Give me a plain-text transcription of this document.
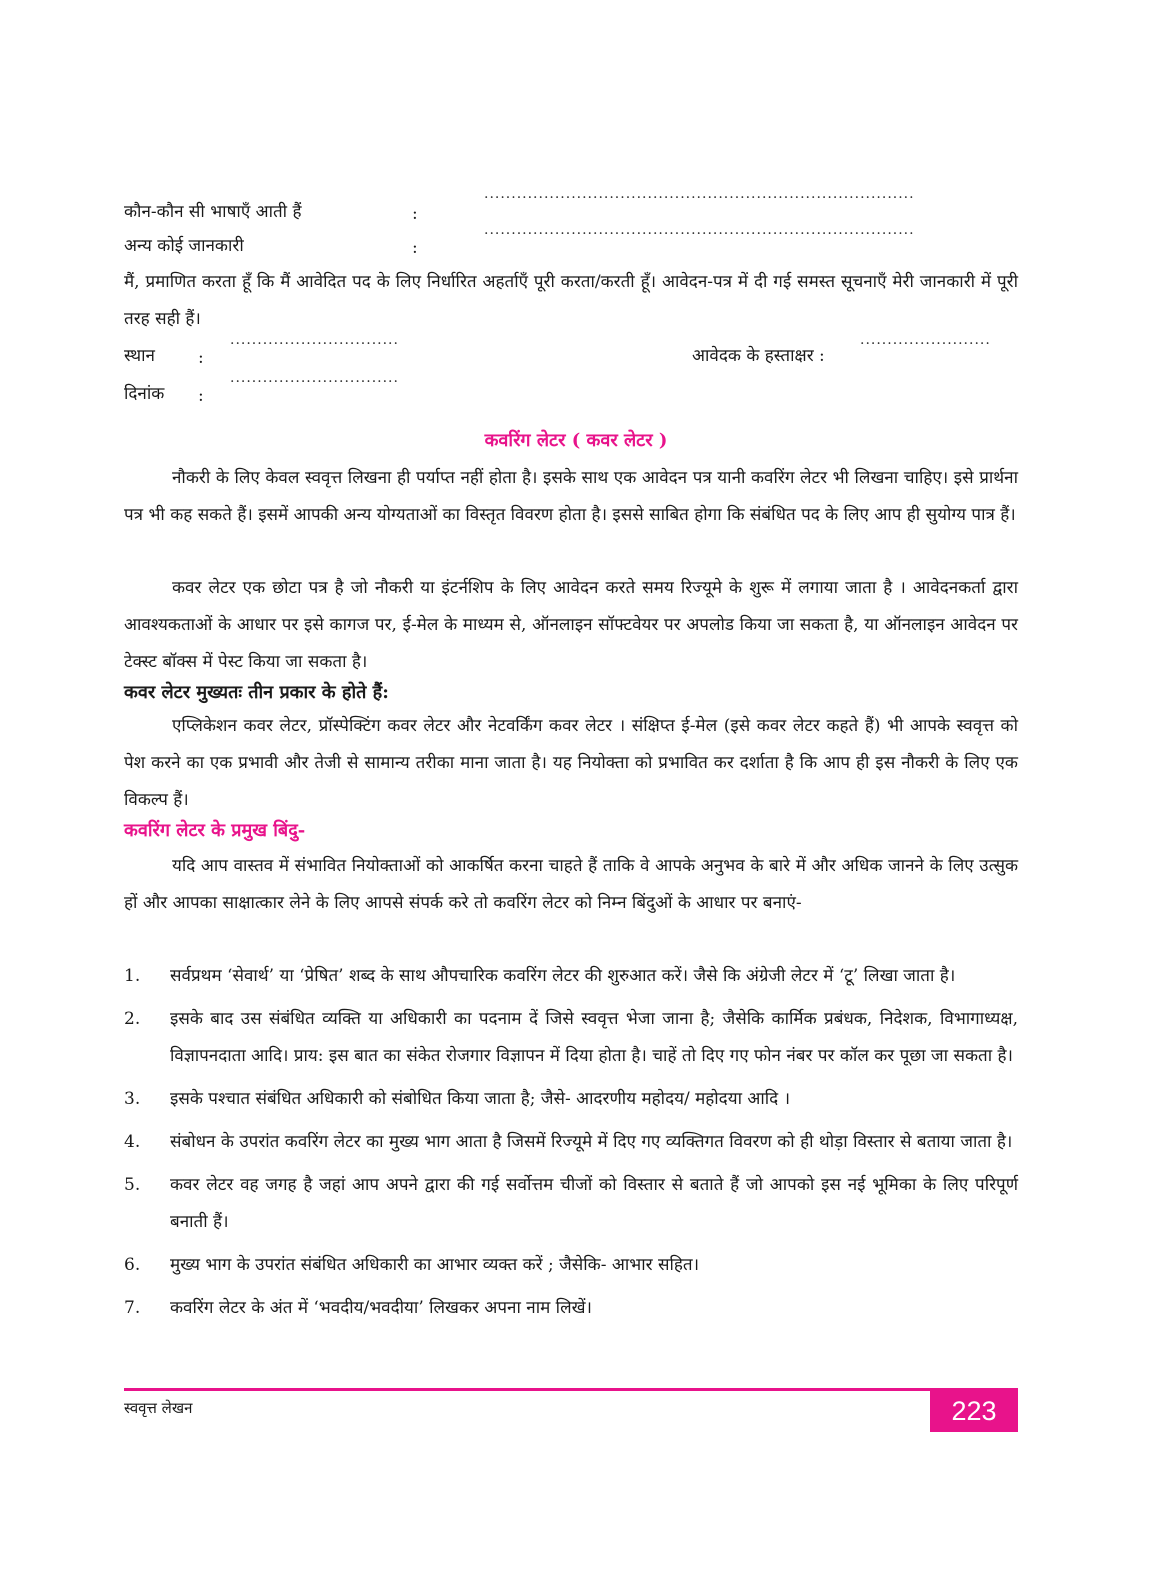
कौन-कौन सी भाषाएँ आती हैं	:
...............................................................................
अन्य कोई जानकारी	:
...............................................................................
मैं, प्रमाणित करता हूँ कि मैं आवेदित पद के लिए निर्धारित अहर्ताएँ पूरी करता/करती हूँ। आवेदन-पत्र में दी गई समस्त सूचनाएँ मेरी जानकारी में पूरी तरह सही हैं।
स्थान	:
...............................
आवेदक के हस्ताक्षर :
........................
दिनांक :
...............................
कवरिंग लेटर ( कवर लेटर )
नौकरी के लिए केवल स्ववृत्त लिखना ही पर्याप्त नहीं होता है। इसके साथ एक आवेदन पत्र यानी कवरिंग लेटर भी लिखना चाहिए। इसे प्रार्थना पत्र भी कह सकते हैं। इसमें आपकी अन्य योग्यताओं का विस्तृत विवरण होता है। इससे साबित होगा कि संबंधित पद के लिए आप ही सुयोग्य पात्र हैं।
कवर लेटर एक छोटा पत्र है जो नौकरी या इंटर्नशिप के लिए आवेदन करते समय रिज्यूमे के शुरू में लगाया जाता है । आवेदनकर्ता द्वारा आवश्यकताओं के आधार पर इसे कागज पर, ई-मेल के माध्यम से, ऑनलाइन सॉफ्टवेयर पर अपलोड किया जा सकता है, या ऑनलाइन आवेदन पर टेक्स्ट बॉक्स में पेस्ट किया जा सकता है।
कवर लेटर मुख्यतः तीन प्रकार के होते हैं:
एप्लिकेशन कवर लेटर, प्रॉस्पेक्टिंग कवर लेटर और नेटवर्किंग कवर लेटर । संक्षिप्त ई-मेल (इसे कवर लेटर कहते हैं) भी आपके स्ववृत्त को पेश करने का एक प्रभावी और तेजी से सामान्य तरीका माना जाता है। यह नियोक्ता को प्रभावित कर दर्शाता है कि आप ही इस नौकरी के लिए एक विकल्प हैं।
कवरिंग लेटर के प्रमुख बिंदु-
यदि आप वास्तव में संभावित नियोक्ताओं को आकर्षित करना चाहते हैं ताकि वे आपके अनुभव के बारे में और अधिक जानने के लिए उत्सुक हों और आपका साक्षात्कार लेने के लिए आपसे संपर्क करे तो कवरिंग लेटर को निम्न बिंदुओं के आधार पर बनाएं-
1.	सर्वप्रथम ‘सेवार्थ’ या ‘प्रेषित’ शब्द के साथ औपचारिक कवरिंग लेटर की शुरुआत करें। जैसे कि अंग्रेजी लेटर में ‘टू’ लिखा जाता है।
2.	इसके बाद उस संबंधित व्यक्ति या अधिकारी का पदनाम दें जिसे स्ववृत्त भेजा जाना है; जैसेकि कार्मिक प्रबंधक, निदेशक, विभागाध्यक्ष, विज्ञापनदाता आदि। प्राय: इस बात का संकेत रोजगार विज्ञापन में दिया होता है। चाहें तो दिए गए फोन नंबर पर कॉल कर पूछा जा सकता है।
3.	इसके पश्चात संबंधित अधिकारी को संबोधित किया जाता है; जैसे- आदरणीय महोदय/ महोदया आदि ।
4.	संबोधन के उपरांत कवरिंग लेटर का मुख्य भाग आता है जिसमें रिज्यूमे में दिए गए व्यक्तिगत विवरण को ही थोड़ा विस्तार से बताया जाता है।
5.	कवर लेटर वह जगह है जहां आप अपने द्वारा की गई सर्वोत्तम चीजों को विस्तार से बताते हैं जो आपको इस नई भूमिका के लिए परिपूर्ण बनाती हैं।
6.	मुख्य भाग के उपरांत संबंधित अधिकारी का आभार व्यक्त करें ; जैसेकि- आभार सहित।
7.	कवरिंग लेटर के अंत में ‘भवदीय/भवदीया’ लिखकर अपना नाम लिखें।
स्ववृत्त लेखन	223
